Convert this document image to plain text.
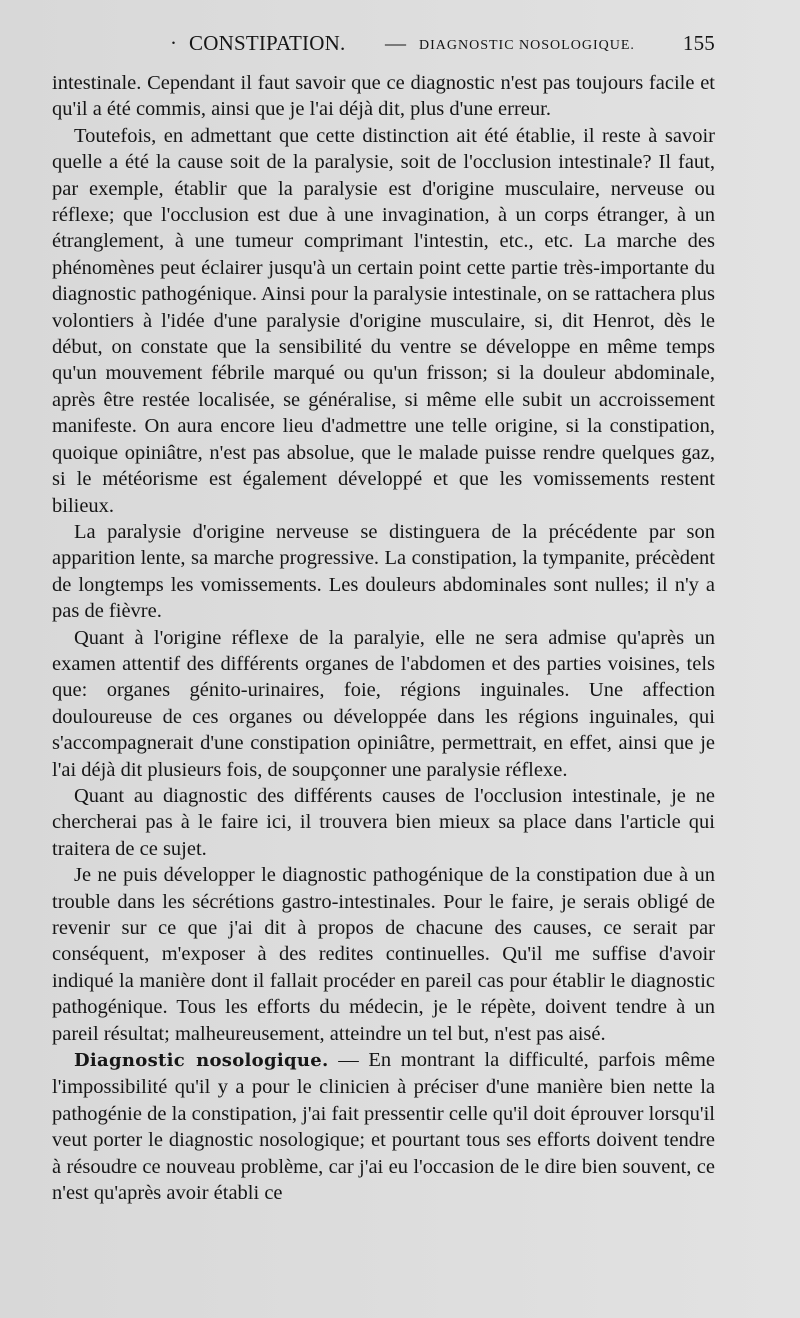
· CONSTIPATION. — DIAGNOSTIC NOSOLOGIQUE. 155

intestinale. Cependant il faut savoir que ce diagnostic n'est pas toujours facile et qu'il a été commis, ainsi que je l'ai déjà dit, plus d'une erreur.

Toutefois, en admettant que cette distinction ait été établie, il reste à savoir quelle a été la cause soit de la paralysie, soit de l'occlusion intestinale? Il faut, par exemple, établir que la paralysie est d'origine musculaire, nerveuse ou réflexe; que l'occlusion est due à une invagination, à un corps étranger, à un étranglement, à une tumeur comprimant l'intestin, etc., etc. La marche des phénomènes peut éclairer jusqu'à un certain point cette partie très-importante du diagnostic pathogénique. Ainsi pour la paralysie intestinale, on se rattachera plus volontiers à l'idée d'une paralysie d'origine musculaire, si, dit Henrot, dès le début, on constate que la sensibilité du ventre se développe en même temps qu'un mouvement fébrile marqué ou qu'un frisson; si la douleur abdominale, après être restée localisée, se généralise, si même elle subit un accroissement manifeste. On aura encore lieu d'admettre une telle origine, si la constipation, quoique opiniâtre, n'est pas absolue, que le malade puisse rendre quelques gaz, si le météorisme est également développé et que les vomissements restent bilieux.

La paralysie d'origine nerveuse se distinguera de la précédente par son apparition lente, sa marche progressive. La constipation, la tympanite, précèdent de longtemps les vomissements. Les douleurs abdominales sont nulles; il n'y a pas de fièvre.

Quant à l'origine réflexe de la paralyie, elle ne sera admise qu'après un examen attentif des différents organes de l'abdomen et des parties voisines, tels que: organes génito-urinaires, foie, régions inguinales. Une affection douloureuse de ces organes ou développée dans les régions inguinales, qui s'accompagnerait d'une constipation opiniâtre, permettrait, en effet, ainsi que je l'ai déjà dit plusieurs fois, de soupçonner une paralysie réflexe.

Quant au diagnostic des différents causes de l'occlusion intestinale, je ne chercherai pas à le faire ici, il trouvera bien mieux sa place dans l'article qui traitera de ce sujet.

Je ne puis développer le diagnostic pathogénique de la constipation due à un trouble dans les sécrétions gastro-intestinales. Pour le faire, je serais obligé de revenir sur ce que j'ai dit à propos de chacune des causes, ce serait par conséquent, m'exposer à des redites continuelles. Qu'il me suffise d'avoir indiqué la manière dont il fallait procéder en pareil cas pour établir le diagnostic pathogénique. Tous les efforts du médecin, je le répète, doivent tendre à un pareil résultat; malheureusement, atteindre un tel but, n'est pas aisé.

Diagnostic nosologique. — En montrant la difficulté, parfois même l'impossibilité qu'il y a pour le clinicien à préciser d'une manière bien nette la pathogénie de la constipation, j'ai fait pressentir celle qu'il doit éprouver lorsqu'il veut porter le diagnostic nosologique; et pourtant tous ses efforts doivent tendre à résoudre ce nouveau problème, car j'ai eu l'occasion de le dire bien souvent, ce n'est qu'après avoir établi ce
